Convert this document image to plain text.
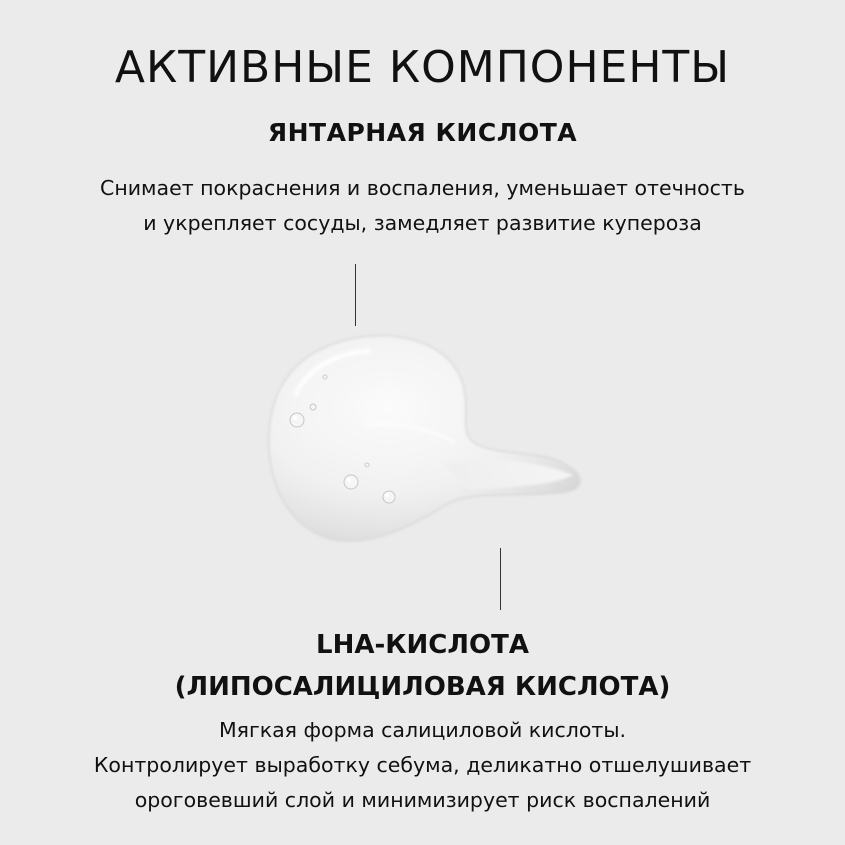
АКТИВНЫЕ КОМПОНЕНТЫ
ЯНТАРНАЯ КИСЛОТА
Снимает покраснения и воспаления, уменьшает отечность
и укрепляет сосуды, замедляет развитие купероза
LHA-КИСЛОТА
(ЛИПОСАЛИЦИЛОВАЯ КИСЛОТА)
Мягкая форма салициловой кислоты.
Контролирует выработку себума, деликатно отшелушивает
ороговевший слой и минимизирует риск воспалений
